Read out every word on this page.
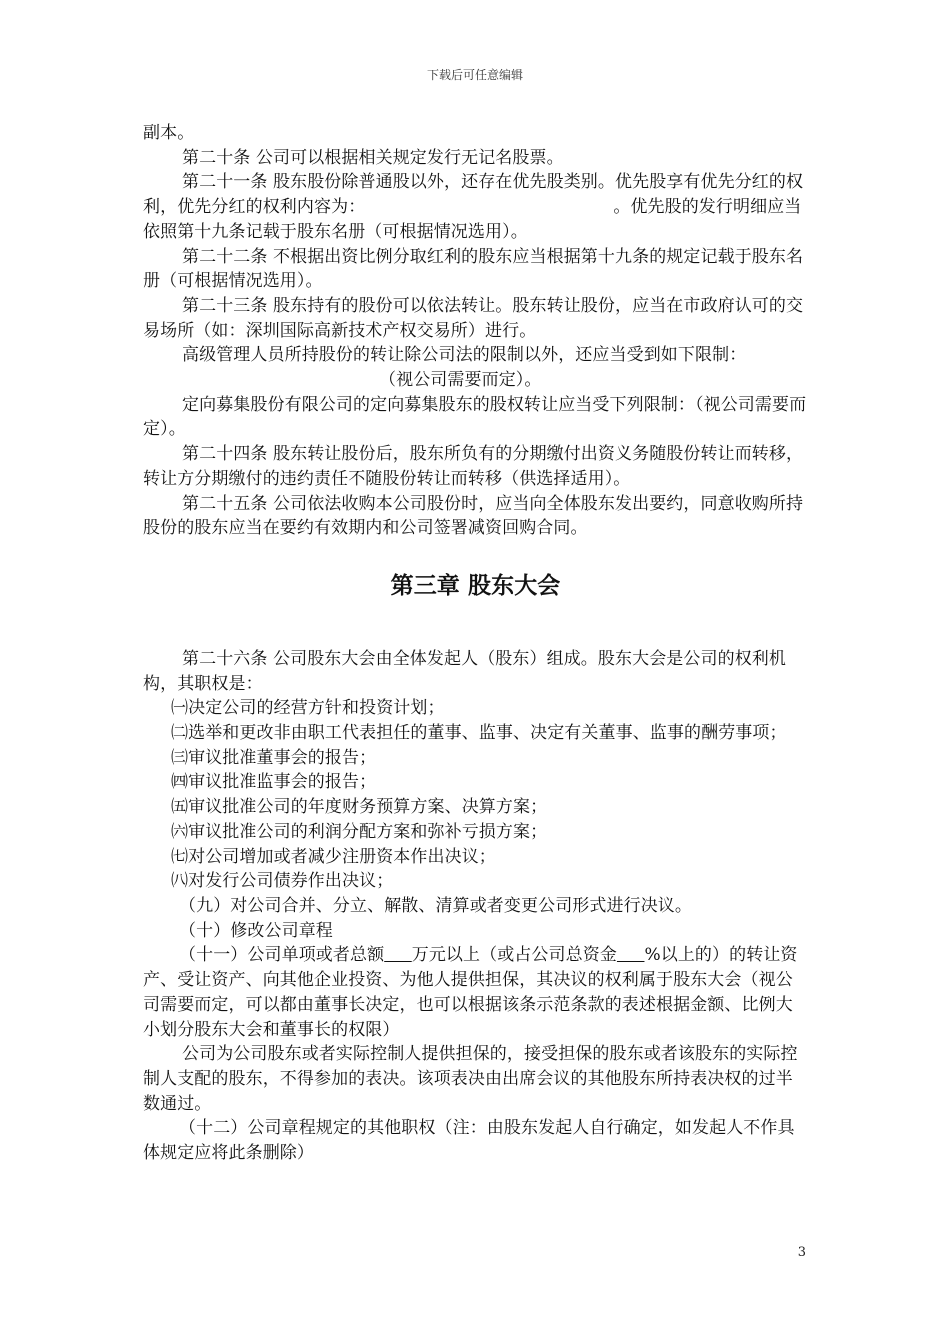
下载后可任意编辑

副本。

第二十条 公司可以根据相关规定发行无记名股票。

第二十一条 股东股份除普通股以外，还存在优先股类别。优先股享有优先分红的权利，优先分红的权利内容为：	。优先股的发行明细应当依照第十九条记载于股东名册（可根据情况选用）。

第二十二条 不根据出资比例分取红利的股东应当根据第十九条的规定记载于股东名册（可根据情况选用）。

第二十三条 股东持有的股份可以依法转让。股东转让股份，应当在市政府认可的交易场所（如：深圳国际高新技术产权交易所）进行。

高级管理人员所持股份的转让除公司法的限制以外，还应当受到如下限制：

（视公司需要而定）。

定向募集股份有限公司的定向募集股东的股权转让应当受下列限制：（视公司需要而定）。

第二十四条 股东转让股份后，股东所负有的分期缴付出资义务随股份转让而转移，转让方分期缴付的违约责任不随股份转让而转移（供选择适用）。

第二十五条 公司依法收购本公司股份时，应当向全体股东发出要约，同意收购所持股份的股东应当在要约有效期内和公司签署减资回购合同。

第三章 股东大会

第二十六条 公司股东大会由全体发起人（股东）组成。股东大会是公司的权利机构，其职权是：

㈠决定公司的经营方针和投资计划；

㈡选举和更改非由职工代表担任的董事、监事、决定有关董事、监事的酬劳事项；

㈢审议批准董事会的报告；

㈣审议批准监事会的报告；

㈤审议批准公司的年度财务预算方案、决算方案；

㈥审议批准公司的利润分配方案和弥补亏损方案；

㈦对公司增加或者减少注册资本作出决议；

㈧对发行公司债券作出决议；

（九）对公司合并、分立、解散、清算或者变更公司形式进行决议。

（十）修改公司章程

（十一）公司单项或者总额 万元以上（或占公司总资金 %以上的）的转让资产、受让资产、向其他企业投资、为他人提供担保，其决议的权利属于股东大会（视公司需要而定，可以都由董事长决定，也可以根据该条示范条款的表述根据金额、比例大小划分股东大会和董事长的权限）

公司为公司股东或者实际控制人提供担保的，接受担保的股东或者该股东的实际控制人支配的股东，不得参加的表决。该项表决由出席会议的其他股东所持表决权的过半数通过。

（十二）公司章程规定的其他职权（注：由股东发起人自行确定，如发起人不作具体规定应将此条删除）

3
